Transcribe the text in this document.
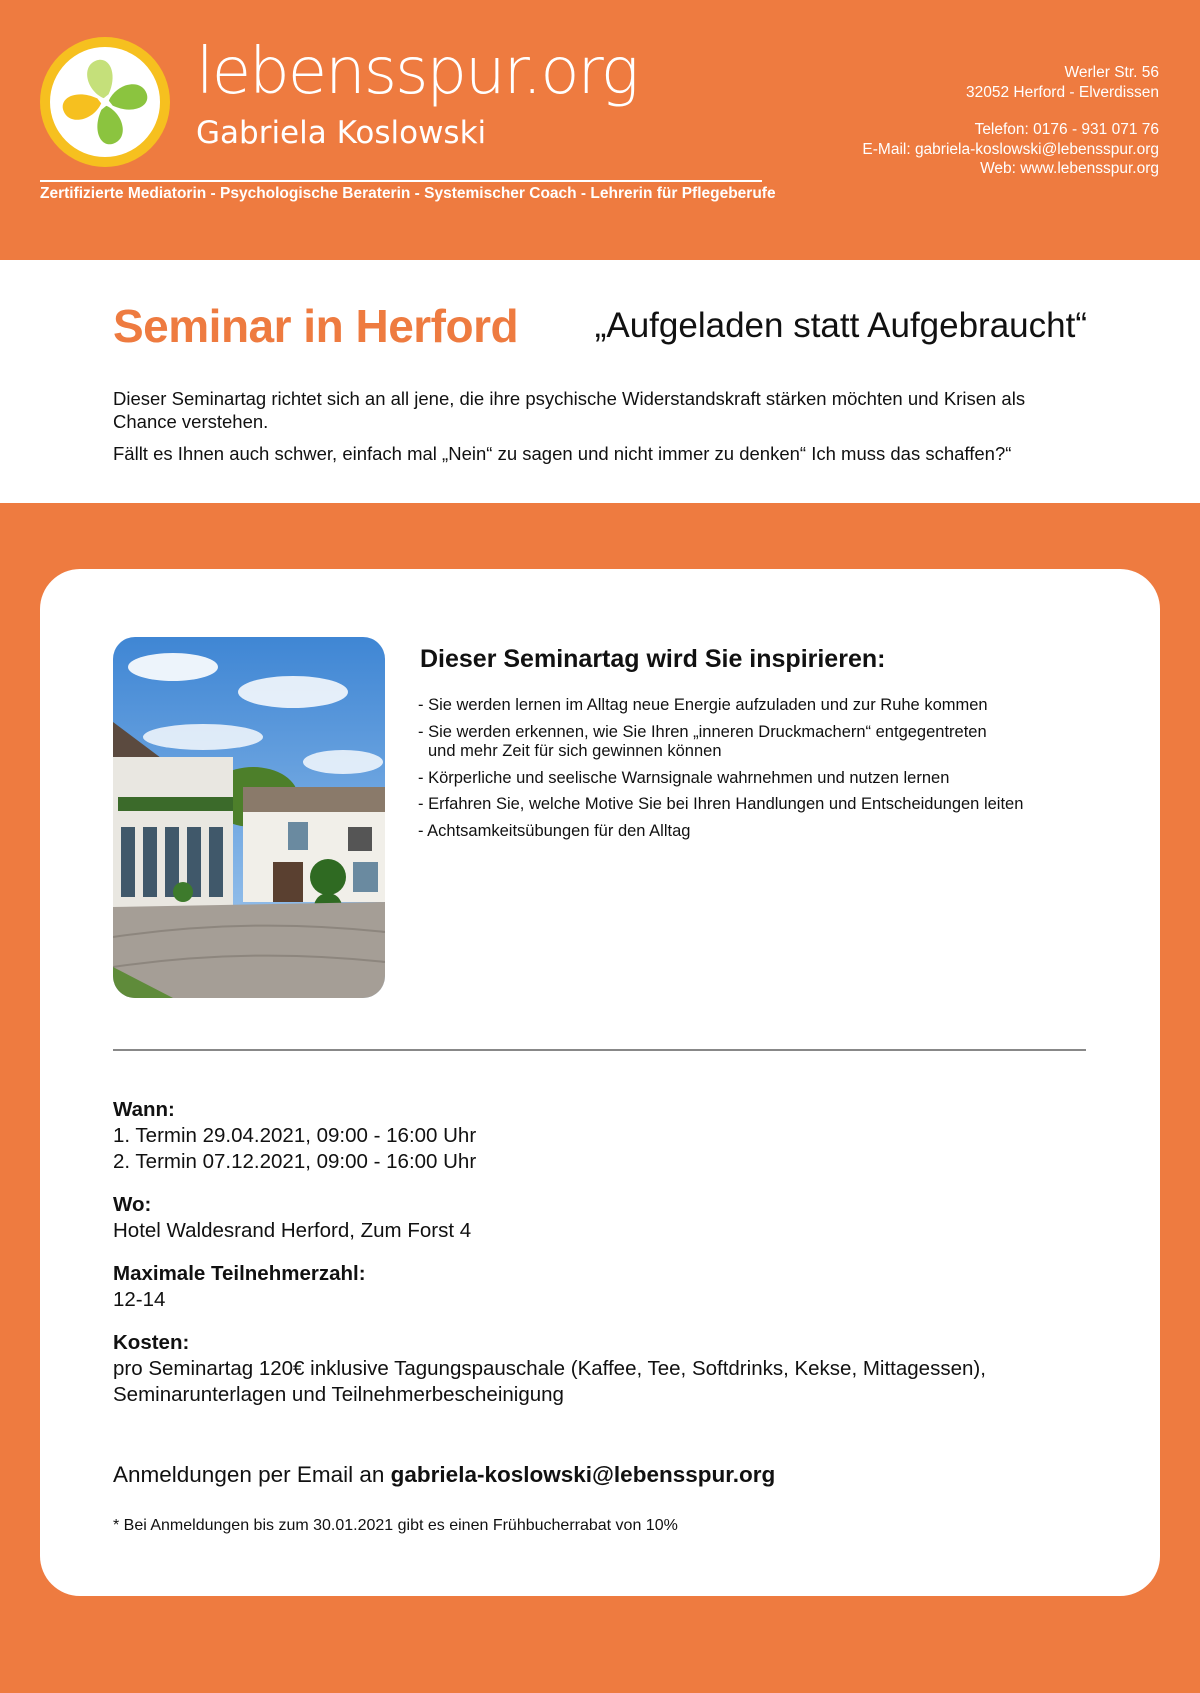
lebensspur.org
Gabriela Koslowski
Zertifizierte Mediatorin - Psychologische Beraterin - Systemischer Coach - Lehrerin für Pflegeberufe
Werler Str. 56
32052 Herford - Elverdissen
Telefon: 0176 - 931 071 76
E-Mail: gabriela-koslowski@lebensspur.org
Web: www.lebensspur.org
Seminar in Herford „Aufgeladen statt Aufgebraucht“

Dieser Seminartag richtet sich an all jene, die ihre psychische Widerstandskraft stärken möchten und Krisen als Chance verstehen.

Fällt es Ihnen auch schwer, einfach mal „Nein“ zu sagen und nicht immer zu denken“ Ich muss das schaffen?“

Dieser Seminartag wird Sie inspirieren:
- Sie werden lernen im Alltag neue Energie aufzuladen und zur Ruhe kommen
- Sie werden erkennen, wie Sie Ihren „inneren Druckmachern“ entgegentreten
und mehr Zeit für sich gewinnen können
- Körperliche und seelische Warnsignale wahrnehmen und nutzen lernen
- Erfahren Sie, welche Motive Sie bei Ihren Handlungen und Entscheidungen leiten
- Achtsamkeitsübungen für den Alltag
Wann:
1. Termin 29.04.2021, 09:00 - 16:00 Uhr
2. Termin 07.12.2021, 09:00 - 16:00 Uhr
Wo:
Hotel Waldesrand Herford, Zum Forst 4
Maximale Teilnehmerzahl:
12-14
Kosten:
pro Seminartag 120€ inklusive Tagungspauschale (Kaffee, Tee, Softdrinks, Kekse, Mittagessen),
Seminarunterlagen und Teilnehmerbescheinigung
Anmeldungen per Email an gabriela-koslowski@lebensspur.org
* Bei Anmeldungen bis zum 30.01.2021 gibt es einen Frühbucherrabat von 10%
